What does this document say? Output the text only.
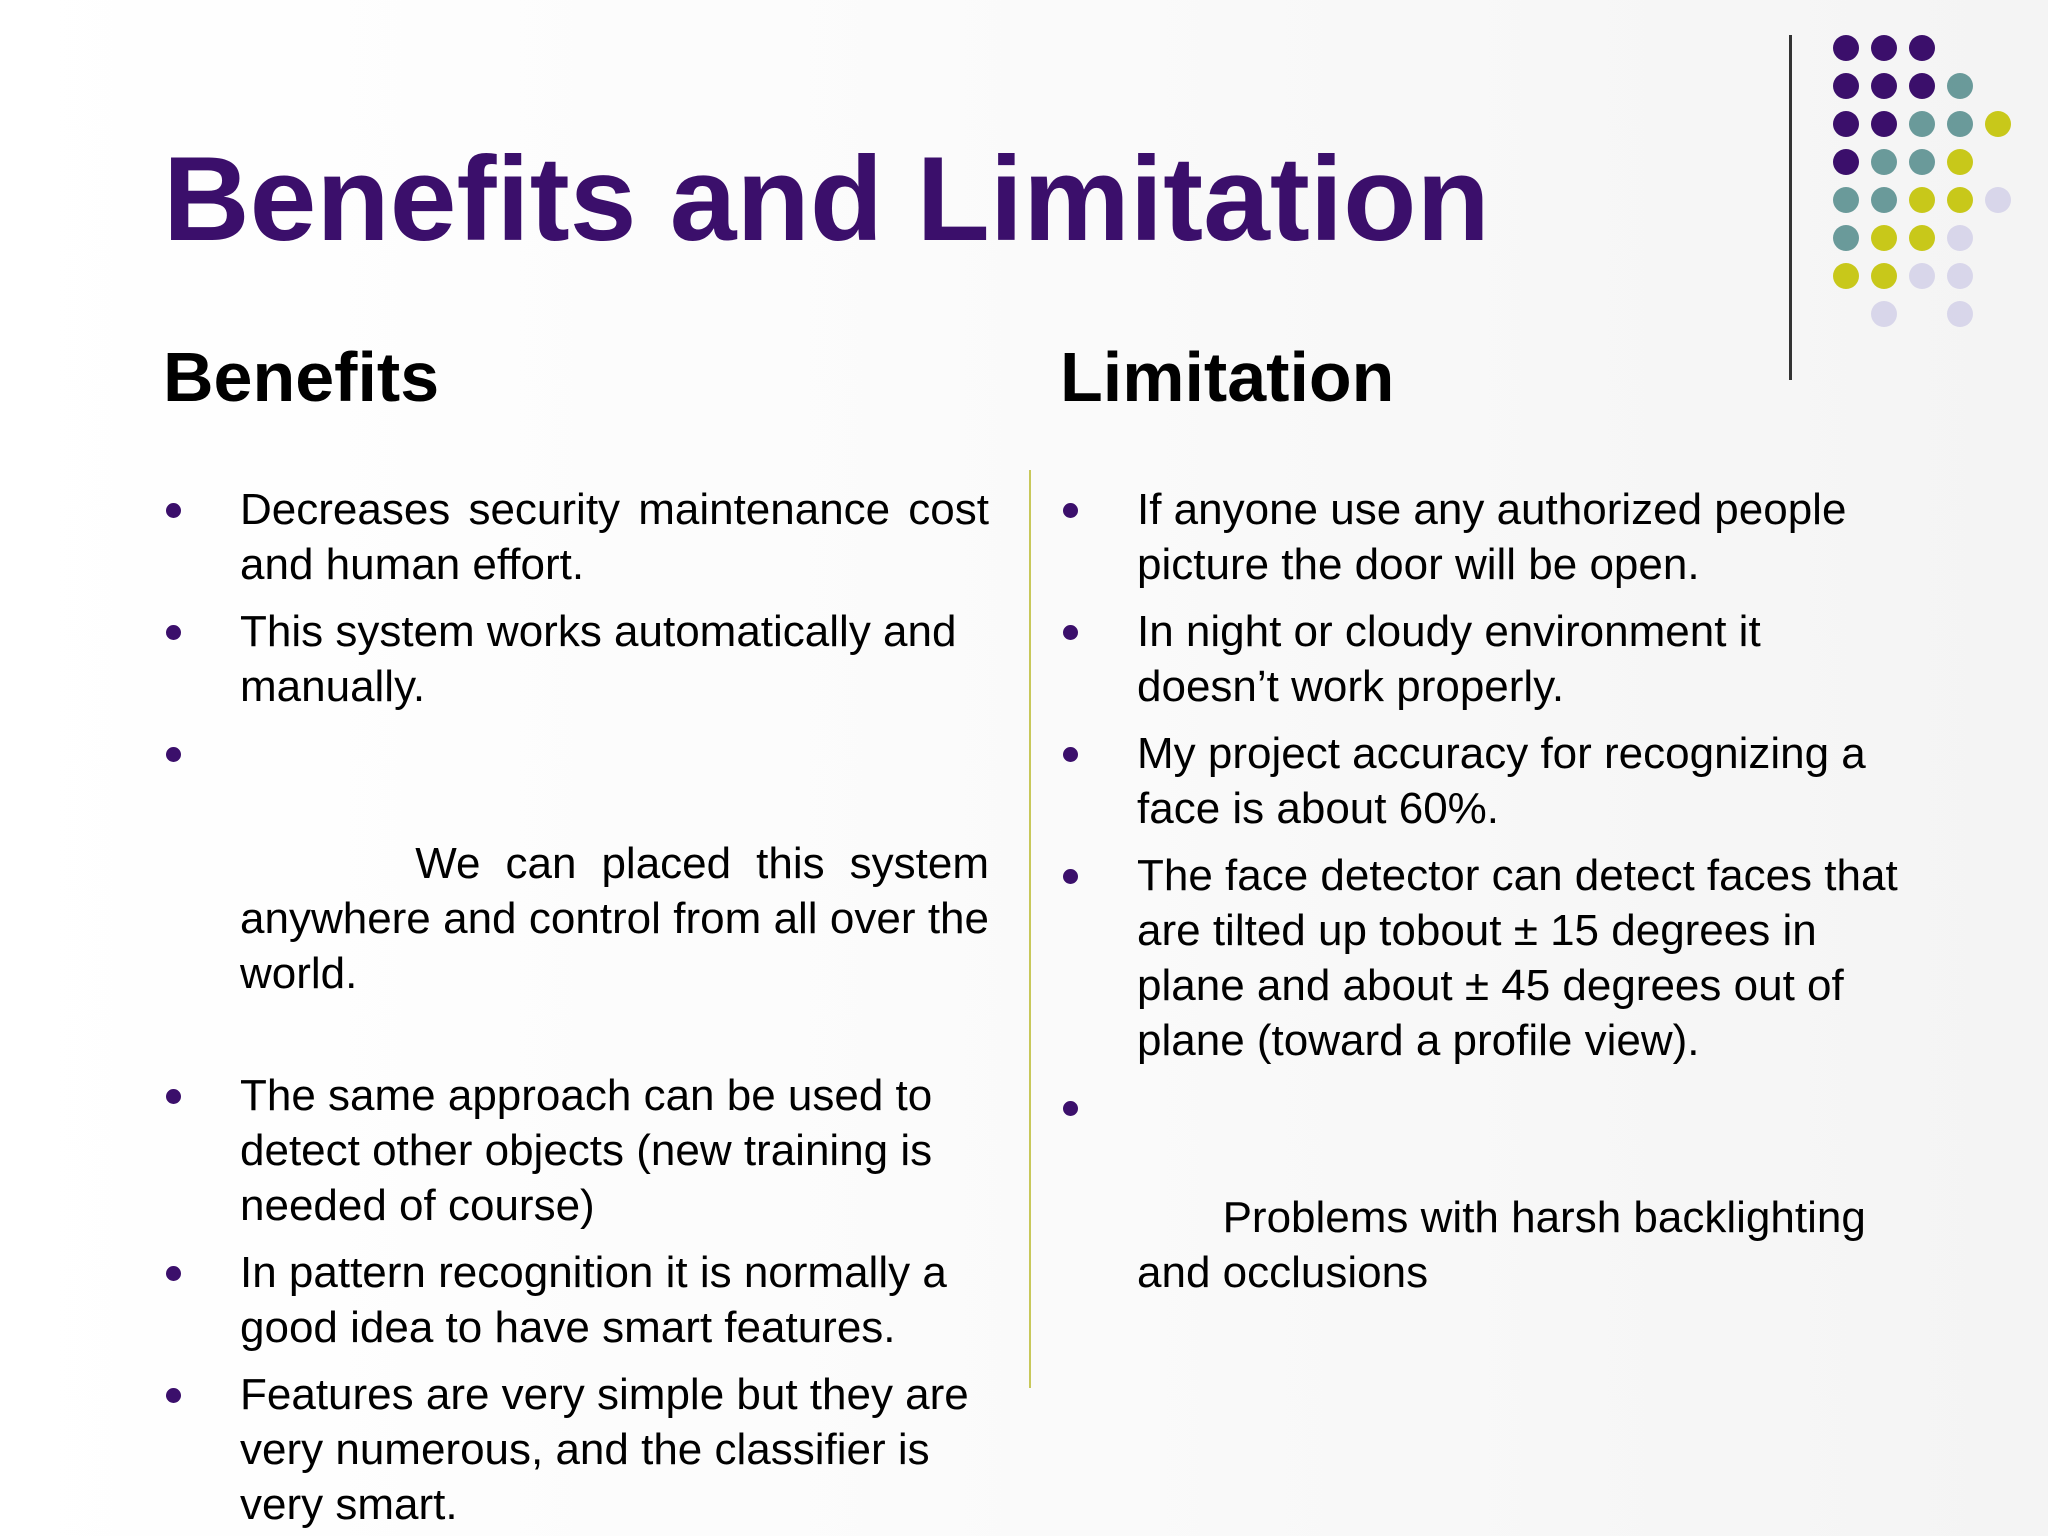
Benefits and Limitation
Benefits	Limitation
Decreases security maintenance cost and human effort.
This system works automatically and manually.

We can placed this system anywhere and control from all over the world.

The same approach can be used to detect other objects (new training is needed of course)
In pattern recognition it is normally a good idea to have smart features.
Features are very simple but they are very numerous, and the classifier is very smart.
If anyone use any authorized people picture the door will be open.
In night or cloudy environment it doesn’t work properly.
My project accuracy for recognizing a face is about 60%.
The face detector can detect faces that are tilted up tobout ± 15 degrees in plane and about ± 45 degrees out of plane (toward a profile view).

Problems with harsh backlighting and occlusions
